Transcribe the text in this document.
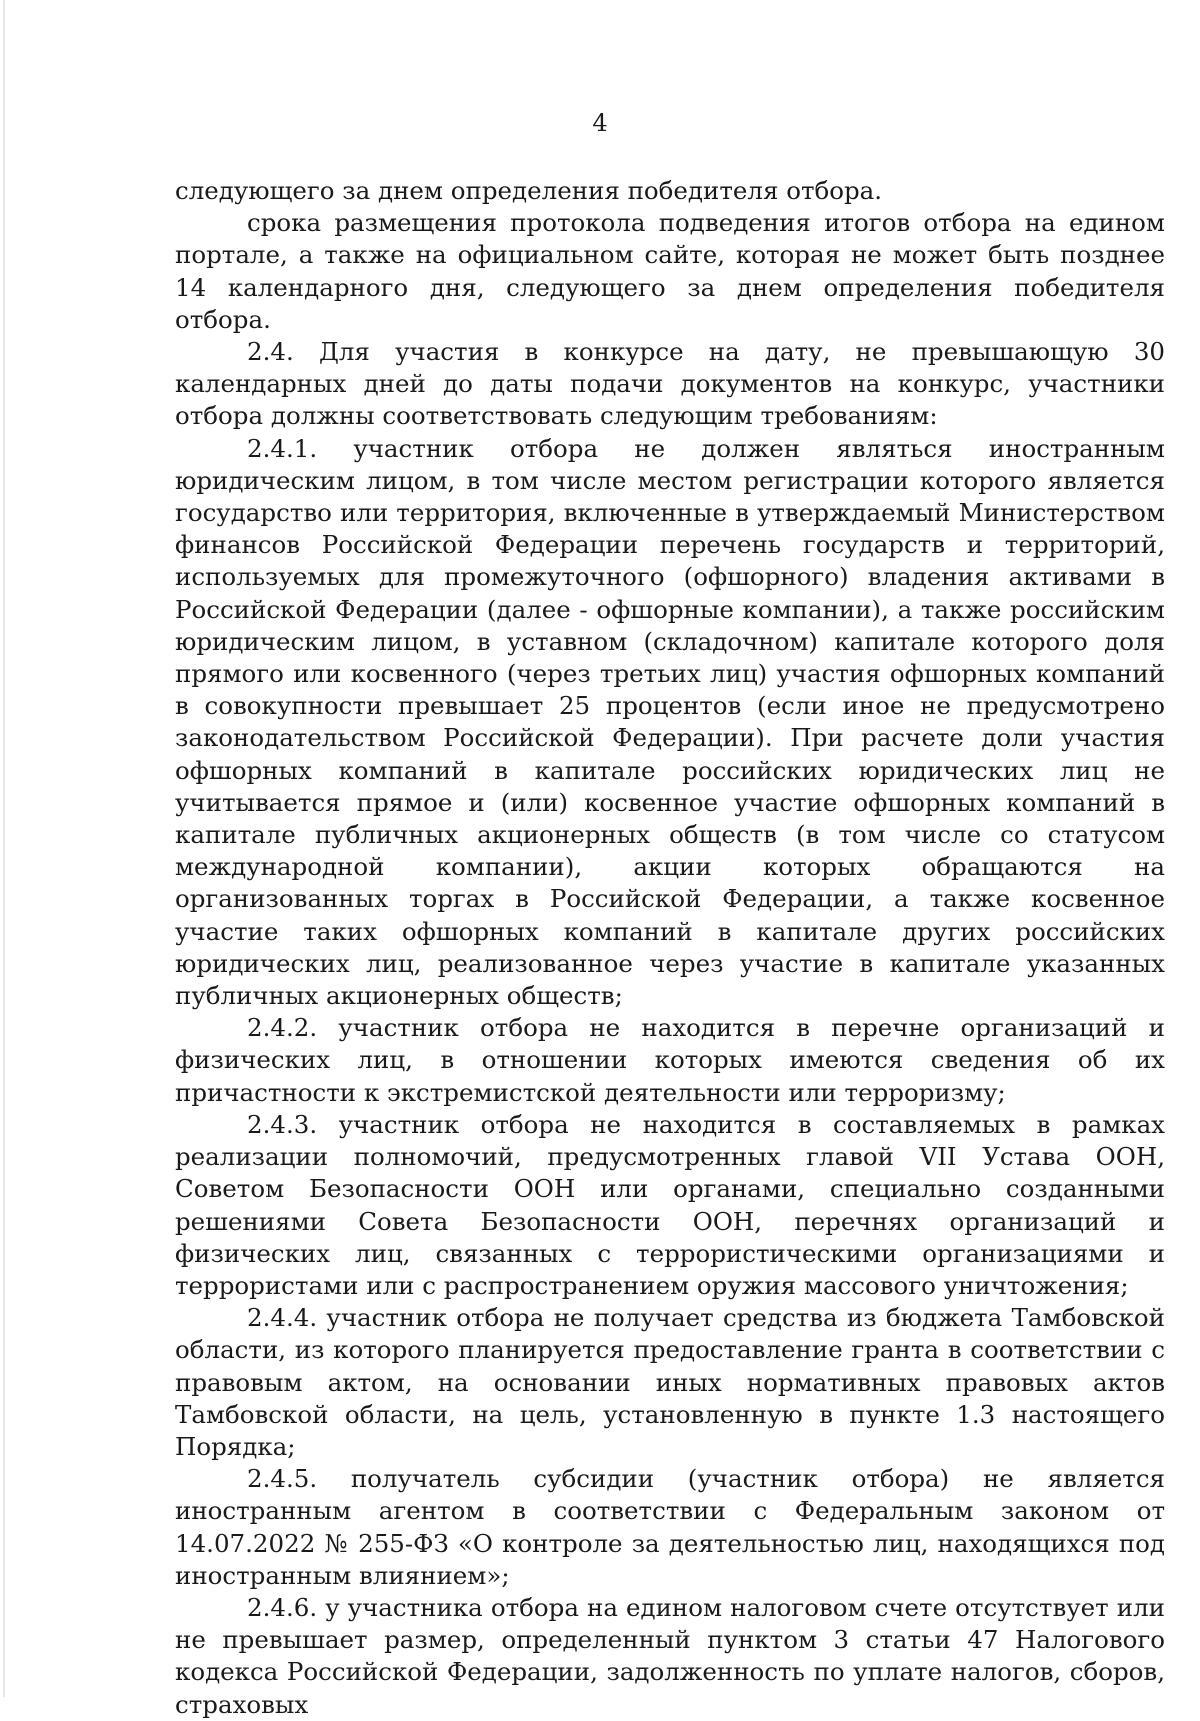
4

следующего за днем определения победителя отбора.

срока размещения протокола подведения итогов отбора на едином портале, а также на официальном сайте, которая не может быть позднее 14 календарного дня, следующего за днем определения победителя отбора.

2.4. Для участия в конкурсе на дату, не превышающую 30 календарных дней до даты подачи документов на конкурс, участники отбора должны соответствовать следующим требованиям:

2.4.1. участник отбора не должен являться иностранным юридическим лицом, в том числе местом регистрации которого является государство или территория, включенные в утверждаемый Министерством финансов Российской Федерации перечень государств и территорий, используемых для промежуточного (офшорного) владения активами в Российской Федерации (далее - офшорные компании), а также российским юридическим лицом, в уставном (складочном) капитале которого доля прямого или косвенного (через третьих лиц) участия офшорных компаний в совокупности превышает 25 процентов (если иное не предусмотрено законодательством Российской Федерации). При расчете доли участия офшорных компаний в капитале российских юридических лиц не учитывается прямое и (или) косвенное участие офшорных компаний в капитале публичных акционерных обществ (в том числе со статусом международной компании), акции которых обращаются на организованных торгах в Российской Федерации, а также косвенное участие таких офшорных компаний в капитале других российских юридических лиц, реализованное через участие в капитале указанных публичных акционерных обществ;

2.4.2. участник отбора не находится в перечне организаций и физических лиц, в отношении которых имеются сведения об их причастности к экстремистской деятельности или терроризму;

2.4.3. участник отбора не находится в составляемых в рамках реализации полномочий, предусмотренных главой VII Устава ООН, Советом Безопасности ООН или органами, специально созданными решениями Совета Безопасности ООН, перечнях организаций и физических лиц, связанных с террористическими организациями и террористами или с распространением оружия массового уничтожения;

2.4.4. участник отбора не получает средства из бюджета Тамбовской области, из которого планируется предоставление гранта в соответствии с правовым актом, на основании иных нормативных правовых актов Тамбовской области, на цель, установленную в пункте 1.3 настоящего Порядка;

2.4.5. получатель субсидии (участник отбора) не является иностранным агентом в соответствии с Федеральным законом от 14.07.2022 № 255-ФЗ «О контроле за деятельностью лиц, находящихся под иностранным влиянием»;

2.4.6. у участника отбора на едином налоговом счете отсутствует или не превышает размер, определенный пунктом 3 статьи 47 Налогового кодекса Российской Федерации, задолженность по уплате налогов, сборов, страховых
